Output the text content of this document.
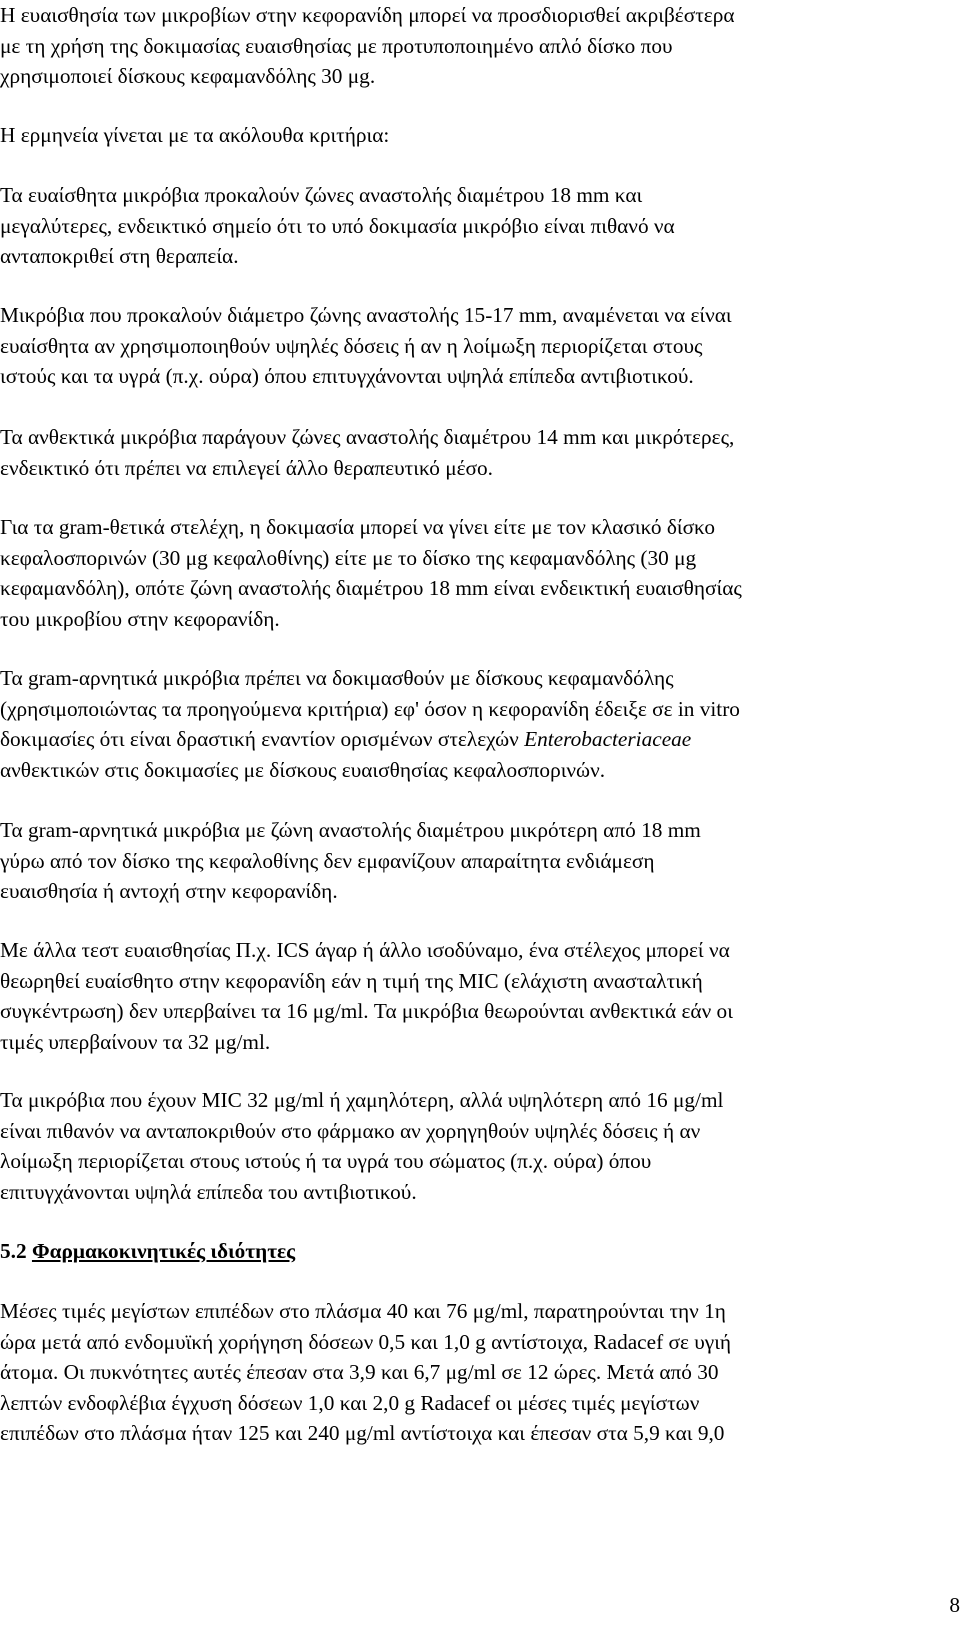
Η ευαισθησία των μικροβίων στην κεφορανίδη μπορεί να προσδιορισθεί ακριβέστερα
με τη χρήση της δοκιμασίας ευαισθησίας με προτυποποιημένο απλό δίσκο που
χρησιμοποιεί δίσκους κεφαμανδόλης 30 μg.

Η ερμηνεία γίνεται με τα ακόλουθα κριτήρια:

Τα ευαίσθητα μικρόβια προκαλούν ζώνες αναστολής διαμέτρου 18 mm και
μεγαλύτερες, ενδεικτικό σημείο ότι το υπό δοκιμασία μικρόβιο είναι πιθανό να
ανταποκριθεί στη θεραπεία.

Μικρόβια που προκαλούν διάμετρο ζώνης αναστολής 15-17 mm, αναμένεται να είναι
ευαίσθητα αν χρησιμοποιηθούν υψηλές δόσεις ή αν η λοίμωξη περιορίζεται στους
ιστούς και τα υγρά (π.χ. ούρα) όπου επιτυγχάνονται υψηλά επίπεδα αντιβιοτικού.

Τα ανθεκτικά μικρόβια παράγουν ζώνες αναστολής διαμέτρου 14 mm και μικρότερες,
ενδεικτικό ότι πρέπει να επιλεγεί άλλο θεραπευτικό μέσο.

Για τα gram-θετικά στελέχη, η δοκιμασία μπορεί να γίνει είτε με τον κλασικό δίσκο
κεφαλοσπορινών (30 μg κεφαλοθίνης) είτε με το δίσκο της κεφαμανδόλης (30 μg
κεφαμανδόλη), οπότε ζώνη αναστολής διαμέτρου 18 mm είναι ενδεικτική ευαισθησίας
του μικροβίου στην κεφορανίδη.

Τα gram-αρνητικά μικρόβια πρέπει να δοκιμασθούν με δίσκους κεφαμανδόλης
(χρησιμοποιώντας τα προηγούμενα κριτήρια) εφ' όσον η κεφορανίδη έδειξε σε in vitro
δοκιμασίες ότι είναι δραστική εναντίον ορισμένων στελεχών Enterobacteriaceae
ανθεκτικών στις δοκιμασίες με δίσκους ευαισθησίας κεφαλοσπορινών.

Τα gram-αρνητικά μικρόβια με ζώνη αναστολής διαμέτρου μικρότερη από 18 mm
γύρω από τον δίσκο της κεφαλοθίνης δεν εμφανίζουν απαραίτητα ενδιάμεση
ευαισθησία ή αντοχή στην κεφορανίδη.

Με άλλα τεστ ευαισθησίας Π.χ. ICS άγαρ ή άλλο ισοδύναμο, ένα στέλεχος μπορεί να
θεωρηθεί ευαίσθητο στην κεφορανίδη εάν η τιμή της MIC (ελάχιστη ανασταλτική
συγκέντρωση) δεν υπερβαίνει τα 16 μg/ml. Τα μικρόβια θεωρούνται ανθεκτικά εάν οι
τιμές υπερβαίνουν τα 32 μg/ml.

Τα μικρόβια που έχουν MIC 32 μg/ml ή χαμηλότερη, αλλά υψηλότερη από 16 μg/ml
είναι πιθανόν να ανταποκριθούν στο φάρμακο αν χορηγηθούν υψηλές δόσεις ή αν
λοίμωξη περιορίζεται στους ιστούς ή τα υγρά του σώματος (π.χ. ούρα) όπου
επιτυγχάνονται υψηλά επίπεδα του αντιβιοτικού.

5.2 Φαρμακοκινητικές ιδιότητες

Μέσες τιμές μεγίστων επιπέδων στο πλάσμα 40 και 76 μg/ml, παρατηρούνται την 1η
ώρα μετά από ενδομυϊκή χορήγηση δόσεων 0,5 και 1,0 g αντίστοιχα, Radacef σε υγιή
άτομα. Οι πυκνότητες αυτές έπεσαν στα 3,9 και 6,7 μg/ml σε 12 ώρες. Μετά από 30
λεπτών ενδοφλέβια έγχυση δόσεων 1,0 και 2,0 g Radacef οι μέσες τιμές μεγίστων
επιπέδων στο πλάσμα ήταν 125 και 240 μg/ml αντίστοιχα και έπεσαν στα 5,9 και 9,0

8
